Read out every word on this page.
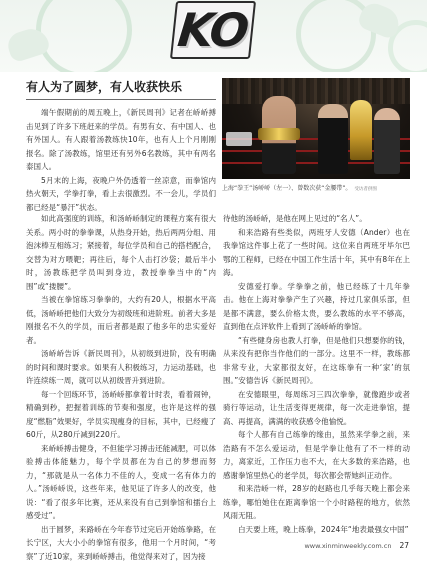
KO
有人为了圆梦，有人收获快乐

端午假期前的周五晚上，《新民周刊》记者在峤峤搏击见到了许多下班赶来的学员。有男有女、有中国人、也有外国人。有人跟着汤教练快10年，也有人上个月刚刚报名。除了汤教练，馆里还有另外6名教练，其中有两名泰国人。

5月末的上海，夜晚户外仍透着一丝凉意，而拳馆内热火朝天，学拳打拳，看上去很激烈。不一会儿，学员们都已经是“暴汗”状态。

上海“拳王”汤峤峤（左一）、曾数次获“金腰带”。 受访者供图

如此高强度的训练，和汤峤峤制定的课程方案有很大关系。两小时的拳拳课，从热身开始，热后两两分组、用泡沫棒互相练习；紧接着，每位学员和自己的搭档配合，交替为对方喂靶；再往后，每个人击打沙袋；最后半小时，汤教练把学员叫到身边，教授拳拳当中的“内围”或“搂腰”。

当被在拳馆练习拳拳的，大约有20人，根据水平高低，汤峤峤把他们大致分为初级班和进阶班。前者大多是刚报名不久的学员，而后者都是跟了他多年的忠实爱好者。

汤峤峤告诉《新民周刊》，从初级到进阶，没有明确的时间和课时要求。如果有人积极练习，力运动基础，也许连续练一周，就可以从初级晋升到进阶。

每一个回练环节，汤峤峤都拿着计时表，看着闹钟，精确到秒，把握着训练的节奏和强度，也许是这样的强度“燃脂”效果好，学员实现瘦身的目标，其中，已经瘦了60斤，从280斤减到220斤。

来峤峤搏击健身，不但能学习搏击还能减肥，可以体验搏击体能魅力，每个学员都在为自己的梦想而努力，“那就是从一名体力不佳的人，变成一名有体力的人。”汤峤峤说，这些年来，他见证了许多人的改变，他说：“看了很多年比赛，还从来没有自己到拳馆和擂台上感受过”。

出于圆梦，来路峤在今年春节过完后开始练拳路，在长宁区，大大小小的拳馆有很多，他用一个月时间，“考察”了近10家，来到峤峤搏击，他觉得来对了，因为接

待他的汤峤峤，是他在网上见过的“名人”。

和来浩路有些类似，两班牙人安德（Ander）也在我拳馆这件事上花了一些时间。这位来自两班牙毕尔巴鄂的工程师，已经在中国工作生活十年，其中有8年在上海。

安德爱打拳。学拳拳之前，他已经练了十几年拳击。他在上海对拳拳产生了兴趣，持过几家俱乐部，但是都不满意，要么价格太贵，要么教练的水平不够高，直到他在点评软件上看到了汤峤峤的拳馆。

“有些健身房也教人打拳，但是他们只想要你的钱，从来没有把你当作他们的一部分。这里不一样，教练都非常专业，大家都很友好，在这练拳有一种‘家’的氛围。”安德告诉《新民周刊》。

在安德眼里，每周练习三四次拳拳，就像跑步或者骑行等运动，让生活变得更规律，每一次走进拳馆，提高、再提高，满满的收获感令他愉悦。

每个人都有自己练拳的缘由，虽然来学拳之前，来浩路有不怎么爱运动，但是学拳让他有了不一样的动力，离家近，工作压力也不大，在大多数的来浩路，也感谢拳馆里热心的老学员，每次都会帮她纠正动作。

和来浩峤一样，28岁的赵路也几乎每天晚上都会来练拳，哪怕她住在距离拳馆一个小时路程的地方，依然风雨无阻。

白天要上班，晚上练拳，2024年“地表最强女中国”

www.xinminweekly.com.cn 27
